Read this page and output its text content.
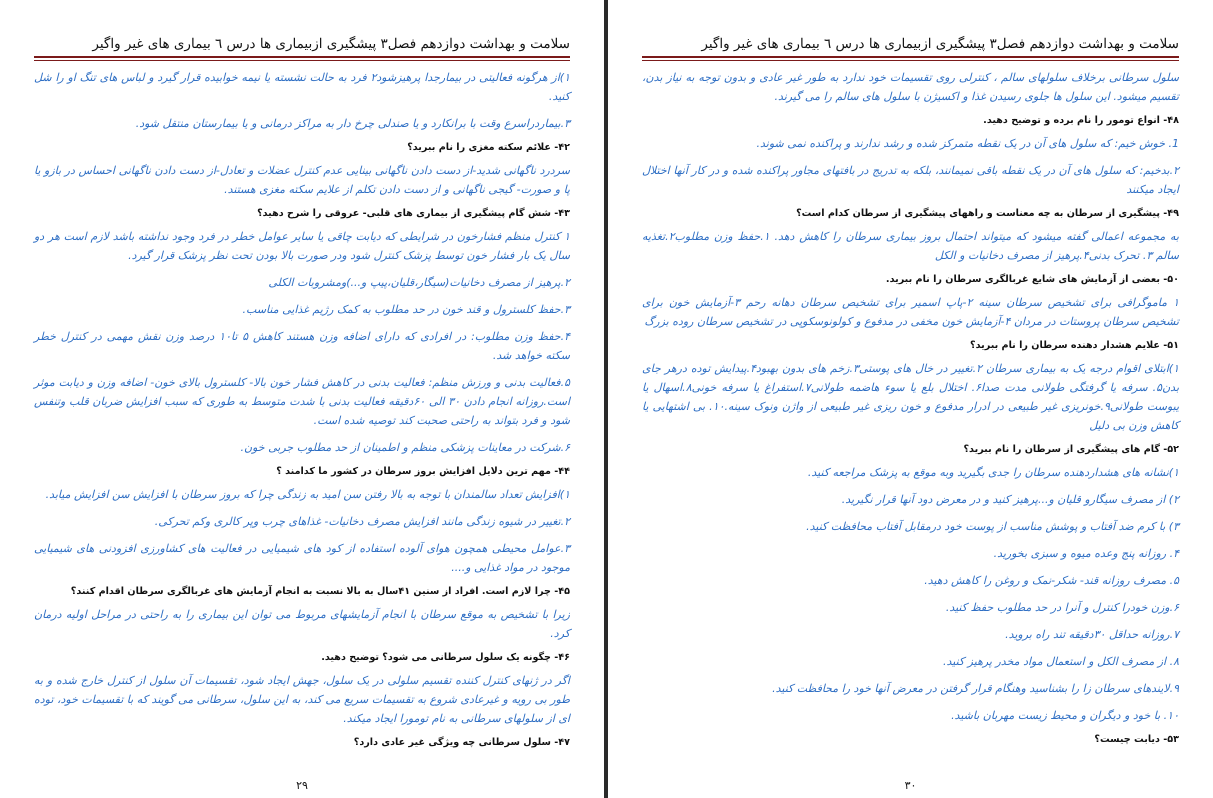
سلامت و بهداشت دوازدهم فصل۳ پیشگیری ازبیماری ها درس ٦ بیماری های غیر واگیر

۱)از هرگونه فعالیتی در بیمارجدا پرهیزشود۲ فرد به حالت نشسته یا نیمه خوابیده قرار گیرد و لباس های تنگ او را شل کنید.

۳.بیماردراسرع وقت با برانکارد و یا صندلی چرخ دار به مراکز درمانی و یا بیمارستان منتقل شود.

۴۲- علائم سکته مغزی را نام ببرید؟

سردرد ناگهانی شدید-از دست دادن ناگهانی بینایی عدم کنترل عضلات و تعادل-از دست دادن ناگهانی احساس در بازو یا پا و صورت- گیجی ناگهانی و از دست دادن تکلم از علایم سکته مغزی هستند.

۴۳- شش گام پیشگیری از بیماری های قلبی- عروقی را شرح دهید؟

۱ کنترل منظم فشارخون در شرایطی که دیابت چاقی یا سایر عوامل خطر در فرد وجود نداشته باشد لازم است هر دو سال یک بار فشار خون توسط پزشک کنترل شود ودر صورت بالا بودن تحت نظر پزشک قرار گیرد.

۲.پرهیز از مصرف دخانیات(سیگار،قلیان،پیپ و...)ومشروبات الکلی

۳.حفظ کلسترول و قند خون در حد مطلوب به کمک رژیم غذایی مناسب.

۴.حفظ وزن مطلوب: در افرادی که دارای اضافه وزن هستند کاهش ۵ تا۱۰ درصد وزن نقش مهمی در کنترل خطر سکته خواهد شد.

۵.فعالیت بدنی و ورزش منظم: فعالیت بدنی در کاهش فشار خون بالا- کلسترول بالای خون- اضافه وزن و دیابت موثر است.روزانه انجام دادن ۳۰ الی ۶۰دقیقه فعالیت بدنی با شدت متوسط به طوری که سبب افزایش ضربان قلب وتنفس شود و فرد بتواند به راحتی صحبت کند توصیه شده است.

۶.شرکت در معاینات پزشکی منظم و اطمینان از حد مطلوب جربی خون.

۴۴- مهم ترین دلایل افزایش بروز سرطان در کشور ما کدامند ؟

۱)افزایش تعداد سالمندان با توجه به بالا رفتن سن امید به زندگی چرا که بروز سرطان با افزایش سن افزایش میابد.

۲.تغییر در شیوه زندگی مانند افزایش مصرف دخانیات- غذاهای چرب وپر کالری وکم تحرکی.

۳.عوامل محیطی همچون هوای آلوده استفاده از کود های شیمیایی در فعالیت های کشاورزی افزودنی های شیمیایی موجود در مواد غذایی و....

۴۵- چرا لازم است. افراد از سنین ۴۱سال به بالا نسبت به انجام آزمایش های غربالگری سرطان اقدام کنند؟

زیرا با تشخیص به موقع سرطان با انجام آزمایشهای مربوط می توان این بیماری را به راحتی در مراحل اولیه درمان کرد.

۴۶- چگونه یک سلول سرطانی می شود؟ توضیح دهید.

اگر در ژنهای کنترل کننده تقسیم سلولی در یک سلول، جهش ایجاد شود، تقسیمات آن سلول از کنترل خارج شده و به طور بی رویه و غیرعادی شروع به تقسیمات سریع می کند، به این سلول، سرطانی می گویند که با تقسیمات خود، توده ای از سلولهای سرطانی به نام تومورا ایجاد میکند.

۴۷- سلول سرطانی چه ویژگی غیر عادی دارد؟

۲۹
سلامت و بهداشت دوازدهم فصل۳ پیشگیری ازبیماری ها درس ٦ بیماری های غیر واگیر

سلول سرطانی برخلاف سلولهای سالم ، کنترلی روی تقسیمات خود ندارد به طور غیر عادی و بدون توجه به نیاز بدن، تقسیم میشود. این سلول ها جلوی رسیدن غذا و اکسیژن با سلول های سالم را می گیرند.

۴۸- انواع تومور را نام برده و توضیح دهید.

1. خوش خیم: که سلول های آن در یک نقطه متمرکز شده و رشد ندارند و پراکنده نمی شوند.

۲.بدخیم: که سلول های آن در یک نقطه باقی نمیمانند، بلکه به تدریج در بافتهای مجاور پراکنده شده و در کار آنها اختلال ایجاد میکنند

۴۹- پیشگیری از سرطان به چه معناست و راههای پیشگیری از سرطان کدام است؟

به مجموعه اعمالی گفته میشود که میتواند احتمال بروز بیماری سرطان را کاهش دهد. ۱.حفظ وزن مطلوب۲.تغذیه سالم ۳. تحرک بدنی۴.پرهیز از مصرف دخانیات و الکل

۵۰- بعضی از آزمایش های شایع غربالگری سرطان را نام ببرید.

۱ ماموگرافی برای تشخیص سرطان سینه ۲-پاپ اسمیر برای تشخیص سرطان دهانه رحم ۳-آزمایش خون برای تشخیص سرطان پروستات در مردان ۴-آزمایش خون مخفی در مدفوع و کولونوسکوپی در تشخیص سرطان روده بزرگ

۵۱- علایم هشدار دهنده سرطان را نام ببرید؟

۱)ابتلای اقوام درجه یک به بیماری سرطان ۲.تغییر در خال های پوستی۳.زخم های بدون بهبود۴.پیدایش توده درهر جای بدن۵. سرفه یا گرفتگی طولانی مدت صدا۶. اختلال بلع یا سوء هاضمه طولانی۷.استفراغ یا سرفه خونی۸.اسهال یا یبوست طولانی۹.خونریزی غیر طبیعی در ادرار مدفوع و خون ریزی غیر طبیعی از واژن ونوک سینه.۱۰. بی اشتهایی یا کاهش وزن بی دلیل

۵۲- گام های پیشگیری از سرطان را نام ببرید؟

۱)نشانه های هشداردهنده سرطان را جدی بگیرید وبه موقع به پزشک مراجعه کنید.

۲) از مصرف سیگارو قلیان و...پرهیز کنید و در معرض دود آنها قرار نگیرید.

۳) با کرم ضد آفتاب و پوشش مناسب از پوست خود درمقابل آفتاب محافظت کنید.

۴. روزانه پنج وعده میوه و سبزی بخورید.

۵. مصرف روزانه قند- شکر-نمک و روغن را کاهش دهید.

۶.وزن خودرا کنترل و آنرا در حد مطلوب حفظ کنید.

۷.روزانه حداقل ۳۰دقیقه تند راه بروید.

۸. از مصرف الکل و استعمال مواد مخدر پرهیز کنید.

۹.لایندهای سرطان زا را بشناسید وهنگام قرار گرفتن در معرض آنها خود را محافظت کنید.

۱۰. با خود و دیگران و محیط زیست مهربان باشید.

۵۳- دیابت چیست؟

۳۰
